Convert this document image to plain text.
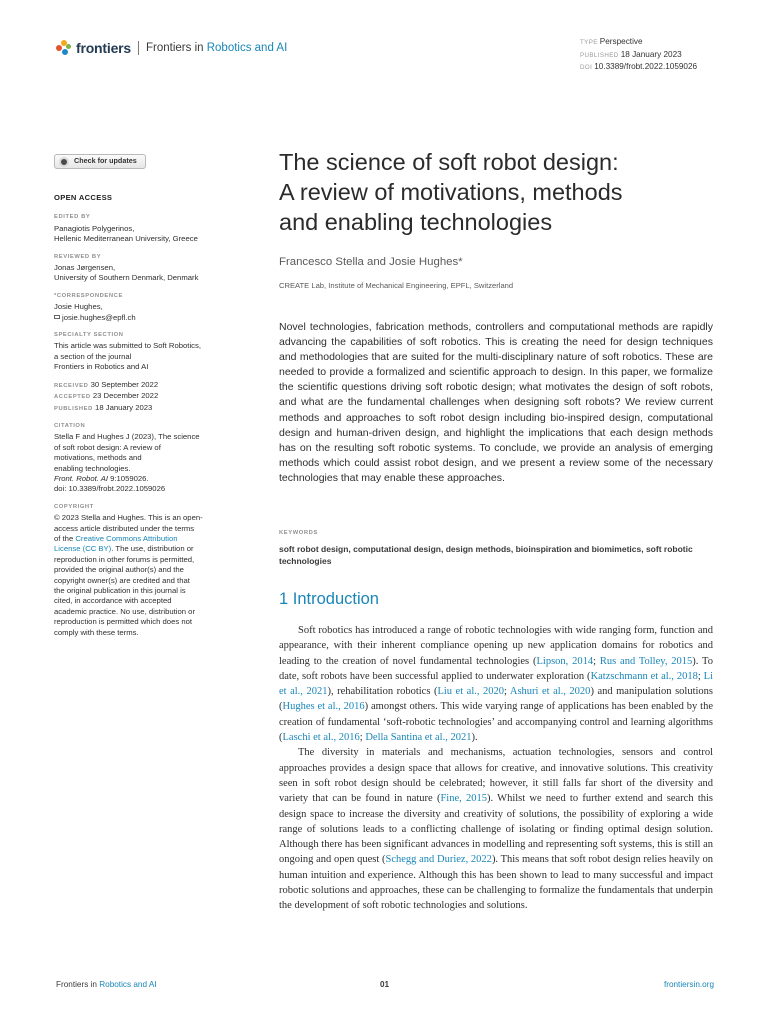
frontiers Frontiers in Robotics and AI	TYPE Perspective
PUBLISHED 18 January 2023
DOI 10.3389/frobt.2022.1059026
Check for updates
OPEN ACCESS
EDITED BY
Panagiotis Polygerinos,
Hellenic Mediterranean University, Greece
REVIEWED BY
Jonas Jørgensen,
University of Southern Denmark, Denmark
*CORRESPONDENCE
Josie Hughes,
josie.hughes@epfl.ch
SPECIALTY SECTION
This article was submitted to Soft Robotics,
a section of the journal
Frontiers in Robotics and AI
RECEIVED 30 September 2022
ACCEPTED 23 December 2022
PUBLISHED 18 January 2023
CITATION
Stella F and Hughes J (2023), The science
of soft robot design: A review of
motivations, methods and
enabling technologies.
Front. Robot. AI 9:1059026.
doi: 10.3389/frobt.2022.1059026
COPYRIGHT
© 2023 Stella and Hughes. This is an open-
access article distributed under the terms
of the Creative Commons Attribution
License (CC BY). The use, distribution or
reproduction in other forums is permitted,
provided the original author(s) and the
copyright owner(s) are credited and that
the original publication in this journal is
cited, in accordance with accepted
academic practice. No use, distribution or
reproduction is permitted which does not
comply with these terms.
The science of soft robot design:
A review of motivations, methods
and enabling technologies
Francesco Stella and Josie Hughes*
CREATE Lab, Institute of Mechanical Engineering, EPFL, Switzerland
Novel technologies, fabrication methods, controllers and computational methods are rapidly advancing the capabilities of soft robotics. This is creating the need for design techniques and methodologies that are suited for the multi-disciplinary nature of soft robotics. These are needed to provide a formalized and scientific approach to design. In this paper, we formalize the scientific questions driving soft robotic design; what motivates the design of soft robots, and what are the fundamental challenges when designing soft robots? We review current methods and approaches to soft robot design including bio-inspired design, computational design and human-driven design, and highlight the implications that each design methods has on the resulting soft robotic systems. To conclude, we provide an analysis of emerging methods which could assist robot design, and we present a review some of the necessary technologies that may enable these approaches.
KEYWORDS
soft robot design, computational design, design methods, bioinspiration and biomimetics, soft robotic technologies
1 Introduction

Soft robotics has introduced a range of robotic technologies with wide ranging form, function and appearance, with their inherent compliance opening up new application domains for robotics and leading to the creation of novel fundamental technologies (Lipson, 2014; Rus and Tolley, 2015). To date, soft robots have been successful applied to underwater exploration (Katzschmann et al., 2018; Li et al., 2021), rehabilitation robotics (Liu et al., 2020; Ashuri et al., 2020) and manipulation solutions (Hughes et al., 2016) amongst others. This wide varying range of applications has been enabled by the creation of fundamental ‘soft-robotic technologies’ and accompanying control and learning algorithms (Laschi et al., 2016; Della Santina et al., 2021).

The diversity in materials and mechanisms, actuation technologies, sensors and control approaches provides a design space that allows for creative, and innovative solutions. This creativity seen in soft robot design should be celebrated; however, it still falls far short of the diversity and variety that can be found in nature (Fine, 2015). Whilst we need to further extend and search this design space to increase the diversity and creativity of solutions, the possibility of exploring a wide range of solutions leads to a conflicting challenge of isolating or finding optimal design solution. Although there has been significant advances in modelling and representing soft systems, this is still an ongoing and open quest (Schegg and Duriez, 2022). This means that soft robot design relies heavily on human intuition and experience. Although this has been shown to lead to many successful and impact robotic solutions and approaches, these can be challenging to formalize the fundamentals that underpin the development of soft robotic technologies and solutions.

Frontiers in Robotics and AI	01	frontiersin.org
